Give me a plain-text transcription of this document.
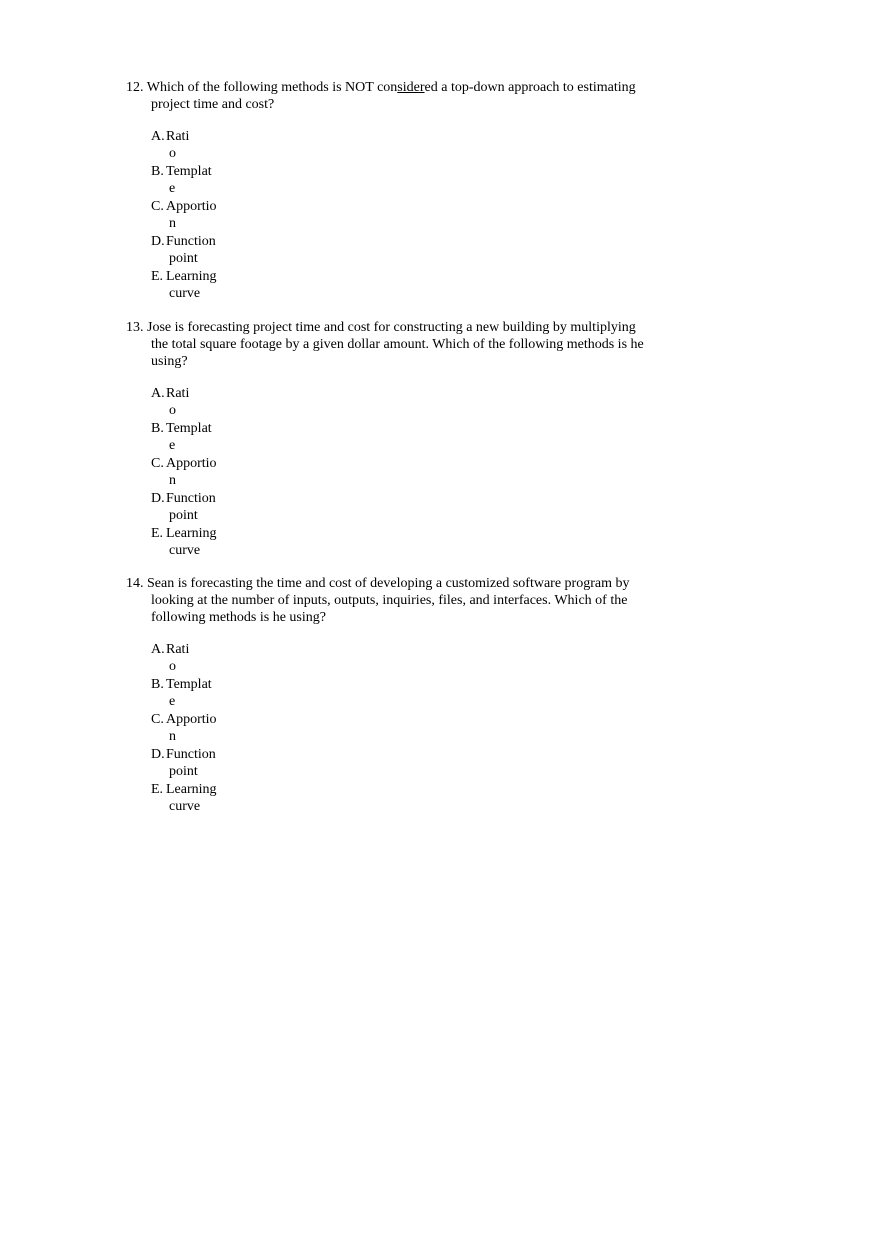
12. Which of the following methods is NOT considered a top-down approach to estimating project time and cost?

A. Rati
o
B. Templat
e
C. Apportio
n
D. Function
point
E. Learning
curve

13. Jose is forecasting project time and cost for constructing a new building by multiplying the total square footage by a given dollar amount. Which of the following methods is he using?

A. Rati
o
B. Templat
e
C. Apportio
n
D. Function
point
E. Learning
curve

14. Sean is forecasting the time and cost of developing a customized software program by looking at the number of inputs, outputs, inquiries, files, and interfaces. Which of the following methods is he using?

A. Rati
o
B. Templat
e
C. Apportio
n
D. Function
point
E. Learning
curve
